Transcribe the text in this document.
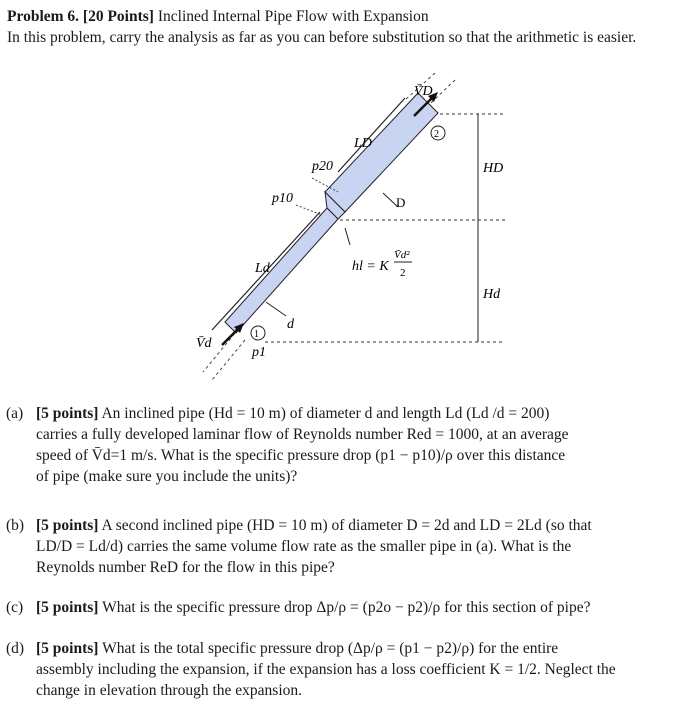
Problem 6. [20 Points] Inclined Internal Pipe Flow with Expansion
In this problem, carry the analysis as far as you can before substitution so that the arithmetic is easier.
HD
Hd
LD
Ld
V̄D
V̄d
2
1
p20
p10
p1
D
d
hl = K
V̄d²
2
(a) [5 points] An inclined pipe (Hd = 10 m) of diameter d and length Ld (Ld /d = 200)
carries a fully developed laminar flow of Reynolds number Red = 1000, at an average
speed of V̄d=1 m/s. What is the specific pressure drop (p1 − p10)/ρ over this distance
of pipe (make sure you include the units)?
(b) [5 points] A second inclined pipe (HD = 10 m) of diameter D = 2d and LD = 2Ld (so that
LD/D = Ld/d) carries the same volume flow rate as the smaller pipe in (a). What is the
Reynolds number ReD for the flow in this pipe?
(c) [5 points] What is the specific pressure drop Δp/ρ = (p2o − p2)/ρ for this section of pipe?
(d) [5 points] What is the total specific pressure drop (Δp/ρ = (p1 − p2)/ρ) for the entire
assembly including the expansion, if the expansion has a loss coefficient K = 1/2. Neglect the
change in elevation through the expansion.
